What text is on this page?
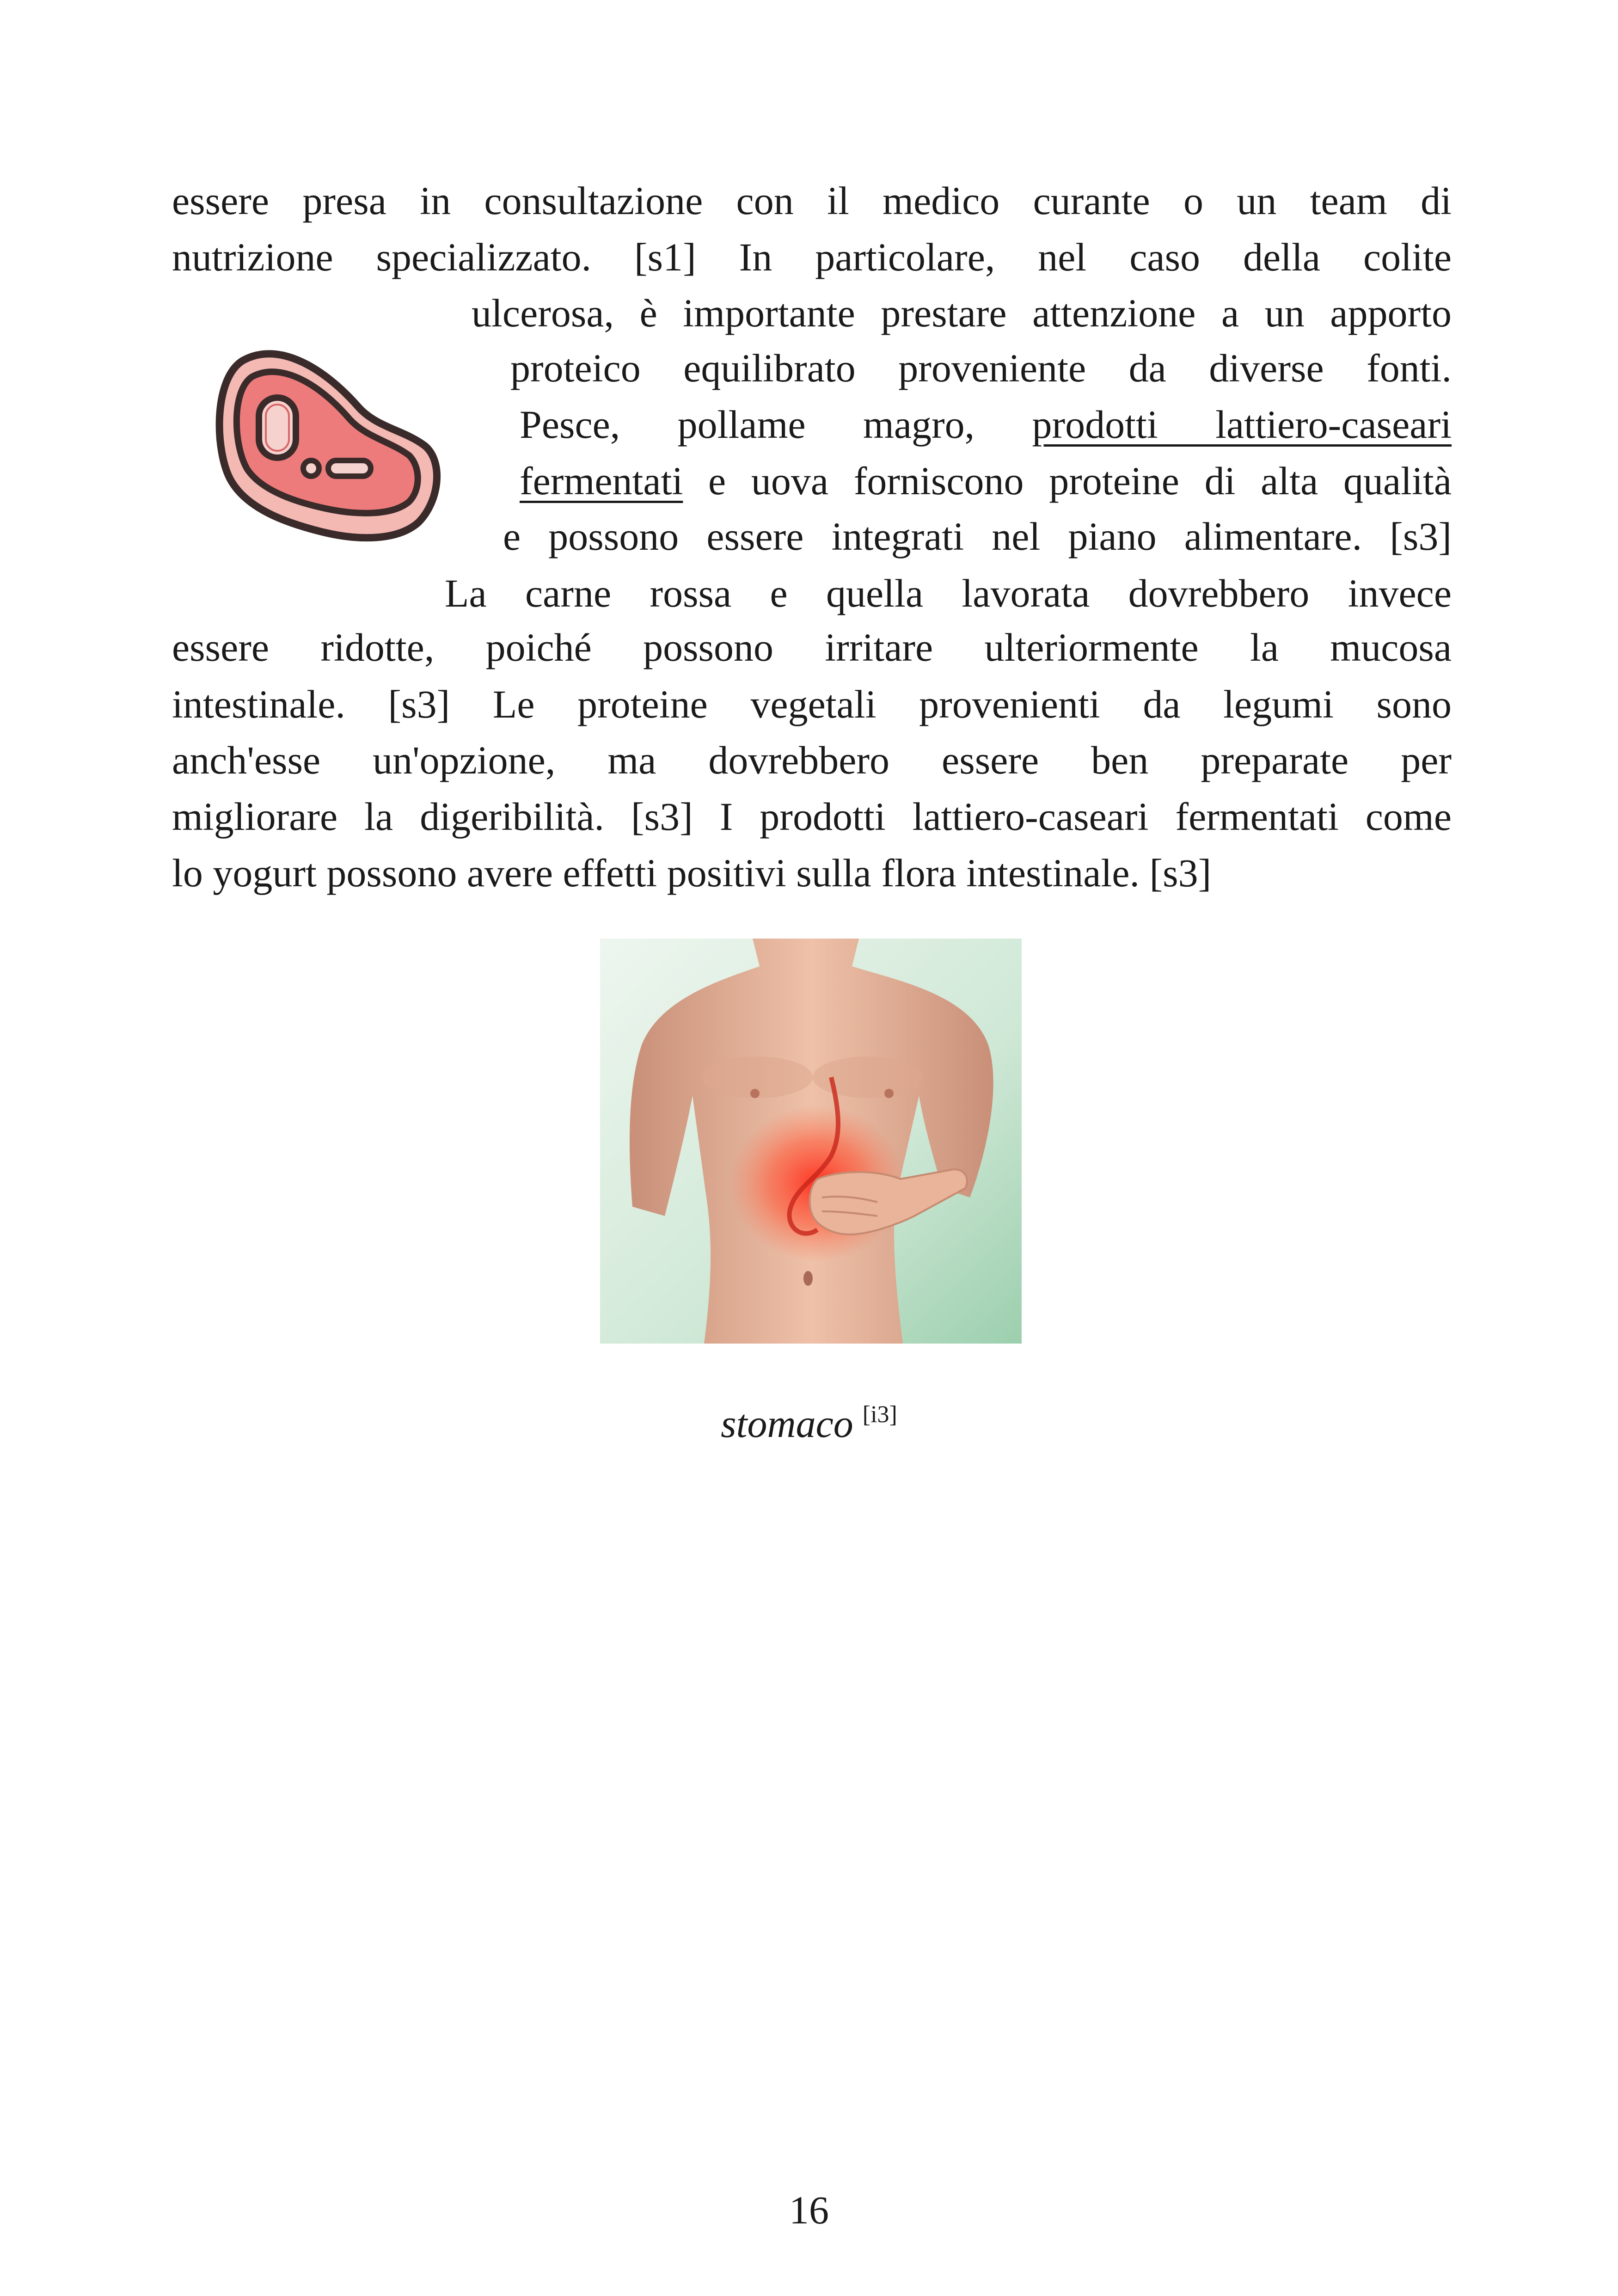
essere presa in consultazione con il medico curante o un team di
nutrizione specializzato. [s1] In particolare, nel caso della colite
ulcerosa, è importante prestare attenzione a un apporto
proteico equilibrato proveniente da diverse fonti.
Pesce, pollame magro, prodotti lattiero-caseari
fermentati e uova forniscono proteine di alta qualità
e possono essere integrati nel piano alimentare. [s3]
La carne rossa e quella lavorata dovrebbero invece
essere ridotte, poiché possono irritare ulteriormente la mucosa
intestinale. [s3] Le proteine vegetali provenienti da legumi sono
anch'esse un'opzione, ma dovrebbero essere ben preparate per
migliorare la digeribilità. [s3] I prodotti lattiero-caseari fermentati come
lo yogurt possono avere effetti positivi sulla flora intestinale. [s3]
stomaco [i3]
16
